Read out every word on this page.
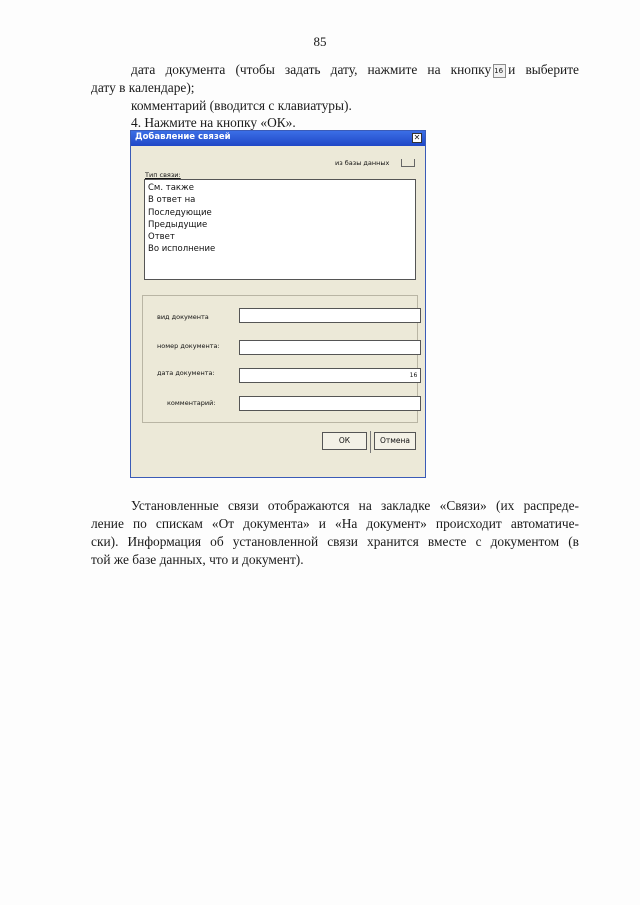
85
дата документа (чтобы задать дату, нажмите на кнопку 16 и выберите
дату в календаре);
комментарий (вводится с клавиатуры).
4. Нажмите на кнопку «ОК».
Добавление связей	✕
из базы данных
Тип связи:
См. также
В ответ на
Последующие
Предыдущие
Ответ
Во исполнение
вид документа
номер документа:
дата документа:	16
комментарий:
ОК	Отмена
Установленные связи отображаются на закладке «Связи» (их распреде-
ление по спискам «От документа» и «На документ» происходит автоматиче-
ски). Информация об установленной связи хранится вместе с документом (в
той же базе данных, что и документ).
